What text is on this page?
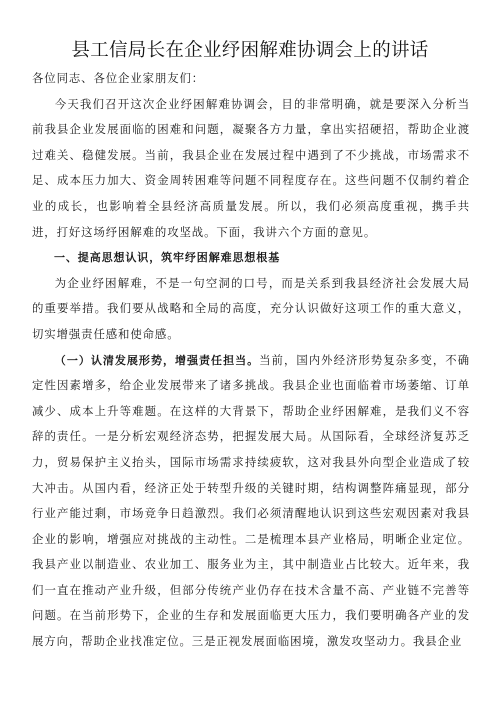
县工信局长在企业纾困解难协调会上的讲话

各位同志、各位企业家朋友们：

今天我们召开这次企业纾困解难协调会，目的非常明确，就是要深入分析当前我县企业发展面临的困难和问题，凝聚各方力量，拿出实招硬招，帮助企业渡过难关、稳健发展。当前，我县企业在发展过程中遇到了不少挑战，市场需求不足、成本压力加大、资金周转困难等问题不同程度存在。这些问题不仅制约着企业的成长，也影响着全县经济高质量发展。所以，我们必须高度重视，携手共进，打好这场纾困解难的攻坚战。下面，我讲六个方面的意见。

一、提高思想认识，筑牢纾困解难思想根基

为企业纾困解难，不是一句空洞的口号，而是关系到我县经济社会发展大局的重要举措。我们要从战略和全局的高度，充分认识做好这项工作的重大意义，切实增强责任感和使命感。

（一）认清发展形势，增强责任担当。当前，国内外经济形势复杂多变，不确定性因素增多，给企业发展带来了诸多挑战。我县企业也面临着市场萎缩、订单减少、成本上升等难题。在这样的大背景下，帮助企业纾困解难，是我们义不容辞的责任。一是分析宏观经济态势，把握发展大局。从国际看，全球经济复苏乏力，贸易保护主义抬头，国际市场需求持续疲软，这对我县外向型企业造成了较大冲击。从国内看，经济正处于转型升级的关键时期，结构调整阵痛显现，部分行业产能过剩，市场竞争日趋激烈。我们必须清醒地认识到这些宏观因素对我县企业的影响，增强应对挑战的主动性。二是梳理本县产业格局，明晰企业定位。我县产业以制造业、农业加工、服务业为主，其中制造业占比较大。近年来，我们一直在推动产业升级，但部分传统产业仍存在技术含量不高、产业链不完善等问题。在当前形势下，企业的生存和发展面临更大压力，我们要明确各产业的发展方向，帮助企业找准定位。三是正视发展面临困境，激发攻坚动力。我县企业
